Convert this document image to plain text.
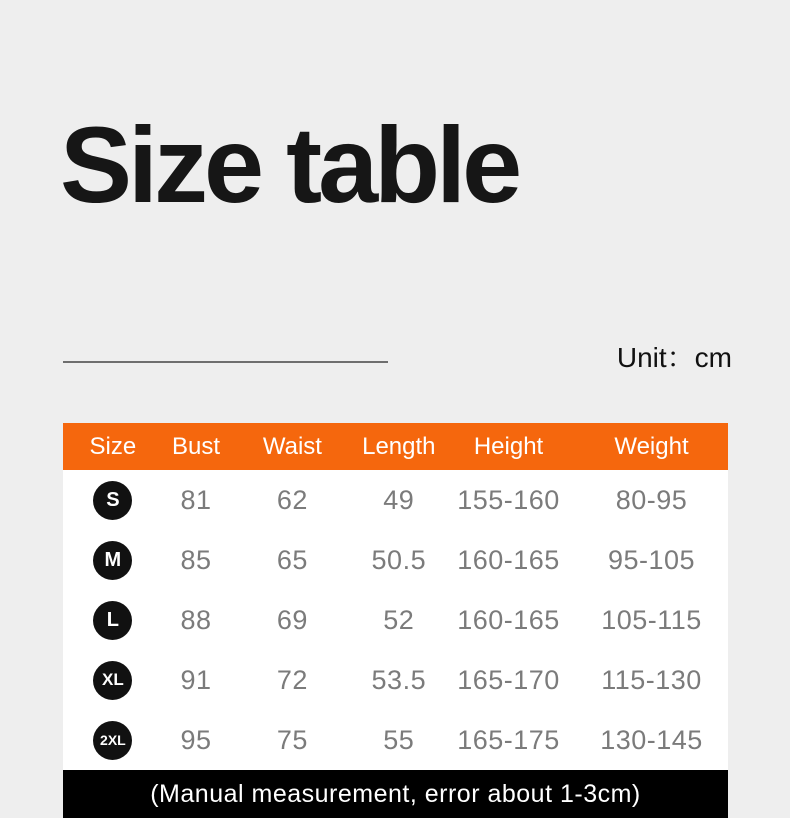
Size table
Unit：cm
Size	Bust	Waist	Length	Height	Weight
S	81	62	49	155-160	80-95
M	85	65	50.5	160-165	95-105
L	88	69	52	160-165	105-115
XL	91	72	53.5	165-170	115-130
2XL	95	75	55	165-175	130-145
(Manual measurement, error about 1-3cm)
